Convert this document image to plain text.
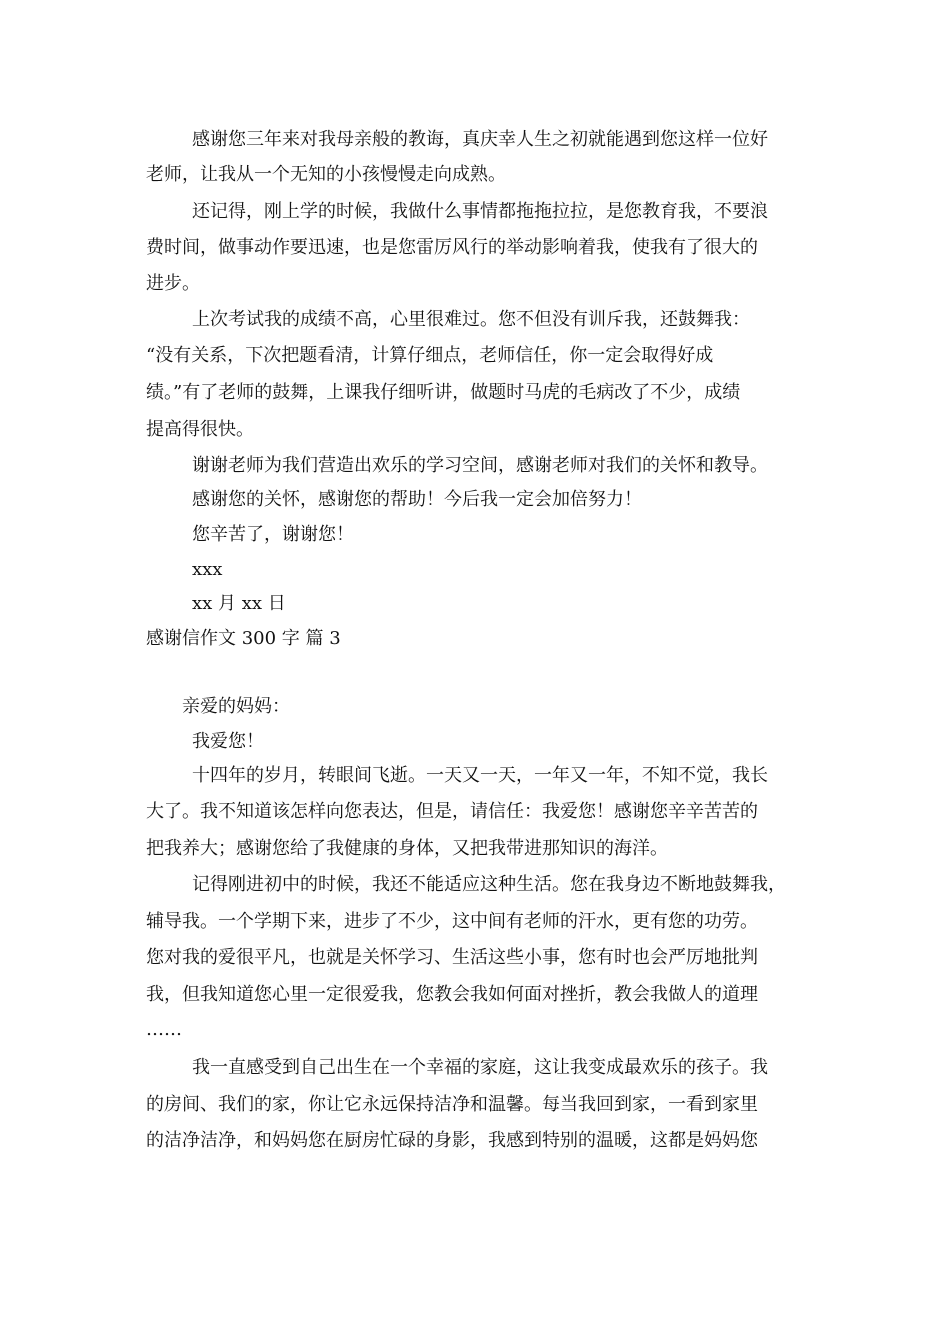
感谢您三年来对我母亲般的教诲，真庆幸人生之初就能遇到您这样一位好

老师，让我从一个无知的小孩慢慢走向成熟。

还记得，刚上学的时候，我做什么事情都拖拖拉拉，是您教育我，不要浪

费时间，做事动作要迅速，也是您雷厉风行的举动影响着我，使我有了很大的

进步。

上次考试我的成绩不高，心里很难过。您不但没有训斥我，还鼓舞我：

“没有关系，下次把题看清，计算仔细点，老师信任，你一定会取得好成

绩。”有了老师的鼓舞，上课我仔细听讲，做题时马虎的毛病改了不少，成绩

提高得很快。

谢谢老师为我们营造出欢乐的学习空间，感谢老师对我们的关怀和教导。

感谢您的关怀，感谢您的帮助！今后我一定会加倍努力！

您辛苦了，谢谢您！

xxx

xx 月 xx 日

感谢信作文 300 字 篇 3

亲爱的妈妈：

我爱您！

十四年的岁月，转眼间飞逝。一天又一天，一年又一年，不知不觉，我长

大了。我不知道该怎样向您表达，但是，请信任：我爱您！感谢您辛辛苦苦的

把我养大；感谢您给了我健康的身体，又把我带进那知识的海洋。

记得刚进初中的时候，我还不能适应这种生活。您在我身边不断地鼓舞我，

辅导我。一个学期下来，进步了不少，这中间有老师的汗水，更有您的功劳。

您对我的爱很平凡，也就是关怀学习、生活这些小事，您有时也会严厉地批判

我，但我知道您心里一定很爱我，您教会我如何面对挫折，教会我做人的道理

……

我一直感受到自己出生在一个幸福的家庭，这让我变成最欢乐的孩子。我

的房间、我们的家，你让它永远保持洁净和温馨。每当我回到家，一看到家里

的洁净洁净，和妈妈您在厨房忙碌的身影，我感到特别的温暖，这都是妈妈您
